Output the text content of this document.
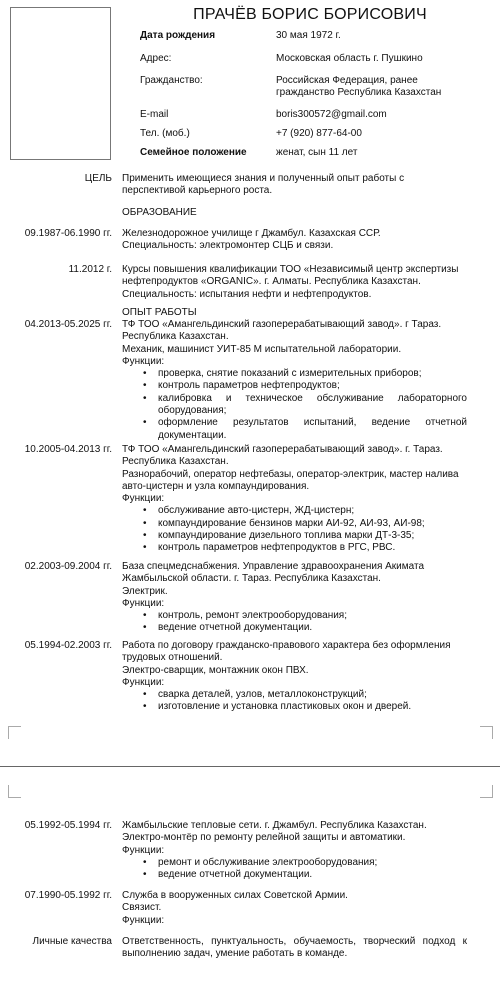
ПРАЧЁВ БОРИС БОРИСОВИЧ
Дата рождения	30 мая 1972 г.
Адрес:	Московская область г. Пушкино
Гражданство:	Российская Федерация, ранее
гражданство Республика Казахстан
E-mail	boris300572@gmail.com
Тел. (моб.)	+7 (920) 877-64-00
Семейное положение	женат, сын 11 лет
ЦЕЛЬ Применить имеющиеся знания и полученный опыт работы с

перспективой карьерного роста.

ОБРАЗОВАНИЕ
09.1987-06.1990 гг. Железнодорожное училище г Джамбул. Казахская ССР.

Специальность: электромонтер СЦБ и связи.

11.2012 г. Курсы повышения квалификации ТОО «Независимый центр экспертизы

нефтепродуктов «ORGANIC». г. Алматы. Республика Казахстан.

Специальность: испытания нефти и нефтепродуктов.

ОПЫТ РАБОТЫ
04.2013-05.2025 гг. ТФ ТОО «Амангельдинский газоперерабатывающий завод». г Тараз.

Республика Казахстан.

Механик, машинист УИТ-85 М испытательной лаборатории.

Функции:

• проверка, снятие показаний с измерительных приборов;
• контроль параметров нефтепродуктов;
• калибровка и техническое обслуживание лабораторного оборудования;
• оформление результатов испытаний, ведение отчетной документации.
10.2005-04.2013 гг. ТФ ТОО «Амангельдинский газоперерабатывающий завод». г. Тараз.

Республика Казахстан.

Разнорабочий, оператор нефтебазы, оператор-электрик, мастер налива

авто-цистерн и узла компаундирования.

Функции:

• обслуживание авто-цистерн, ЖД-цистерн;
• компаундирование бензинов марки АИ-92, АИ-93, АИ-98;
• компаундирование дизельного топлива марки ДТ-3-35;
• контроль параметров нефтепродуктов в РГС, РВС.
02.2003-09.2004 гг. База спецмедснабжения. Управление здравоохранения Акимата

Жамбыльской области. г. Тараз. Республика Казахстан.

Электрик.

Функции:

• контроль, ремонт электрооборудования;
• ведение отчетной документации.
05.1994-02.2003 гг. Работа по договору гражданско-правового характера без оформления

трудовых отношений.

Электро-сварщик, монтажник окон ПВХ.

Функции:

• сварка деталей, узлов, металлоконструкций;
• изготовление и установка пластиковых окон и дверей.
05.1992-05.1994 гг. Жамбыльские тепловые сети. г. Джамбул. Республика Казахстан.

Электро-монтёр по ремонту релейной защиты и автоматики.

Функции:

• ремонт и обслуживание электрооборудования;
• ведение отчетной документации.
07.1990-05.1992 гг. Служба в вооруженных силах Советской Армии.

Связист.

Функции:

Личные качества Ответственность, пунктуальность, обучаемость, творческий подход к выполнению задач, умение работать в команде.
